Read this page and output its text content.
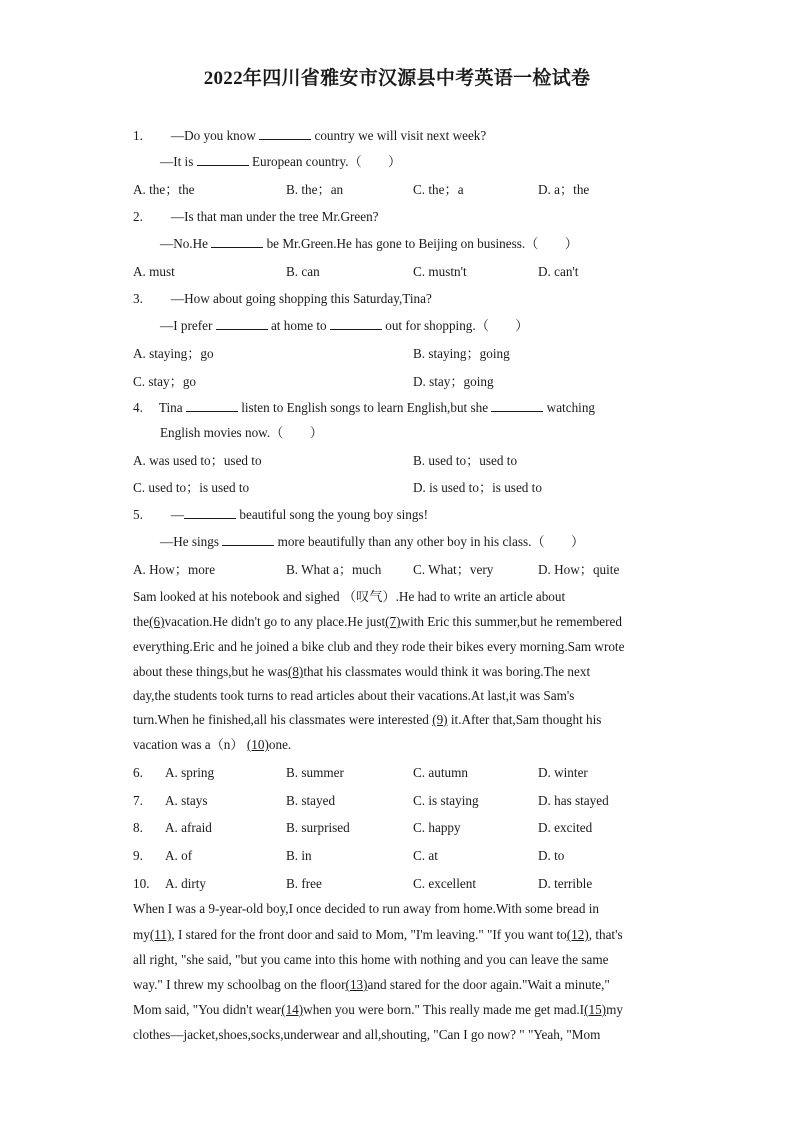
2022年四川省雅安市汉源县中考英语一检试卷
1. —Do you know	country we will visit next week?
—It is	European country.（　　）
A. the；the	B. the；an	C. the；a	D. a；the
2. —Is that man under the tree Mr.Green?
—No.He	be Mr.Green.He has gone to Beijing on business.（　　）
A. must	B. can	C. mustn't	D. can't
3. —How about going shopping this Saturday,Tina?
—I prefer	at home to	out for shopping.（　　）
A. staying；go	B. staying；going
C. stay；go	D. stay；going
4. Tina	listen to English songs to learn English,but she	watching
English movies now.（　　）
A. was used to；used to	B. used to；used to
C. used to；is used to	D. is used to；is used to
5. —	beautiful song the young boy sings!
—He sings	more beautifully than any other boy in his class.（　　）
A. How；more	B. What a；much C. What；very	D. How；quite
Sam looked at his notebook and sighed （叹气）.He had to write an article about
the(6)vacation.He didn't go to any place.He just(7)with Eric this summer,but he remembered
everything.Eric and he joined a bike club and they rode their bikes every morning.Sam wrote
about these things,but he was(8)that his classmates would think it was boring.The next
day,the students took turns to read articles about their vacations.At last,it was Sam's
turn.When he finished,all his classmates were interested (9) it.After that,Sam thought his
vacation was a（n） (10)one.
6. A. spring	B. summer	C. autumn	D. winter
7. A. stays	B. stayed	C. is staying	D. has stayed
8. A. afraid	B. surprised	C. happy	D. excited
9. A. of	B. in	C. at	D. to
10. A. dirty	B. free	C. excellent	D. terrible
When I was a 9-year-old boy,I once decided to run away from home.With some bread in
my(11), I stared for the front door and said to Mom, "I'm leaving." "If you want to(12), that's
all right, "she said, "but you came into this home with nothing and you can leave the same
way." I threw my schoolbag on the floor(13)and stared for the door again."Wait a minute,"
Mom said, "You didn't wear(14)when you were born." This really made me get mad.I(15)my
clothes—jacket,shoes,socks,underwear and all,shouting, "Can I go now? " "Yeah, "Mom
